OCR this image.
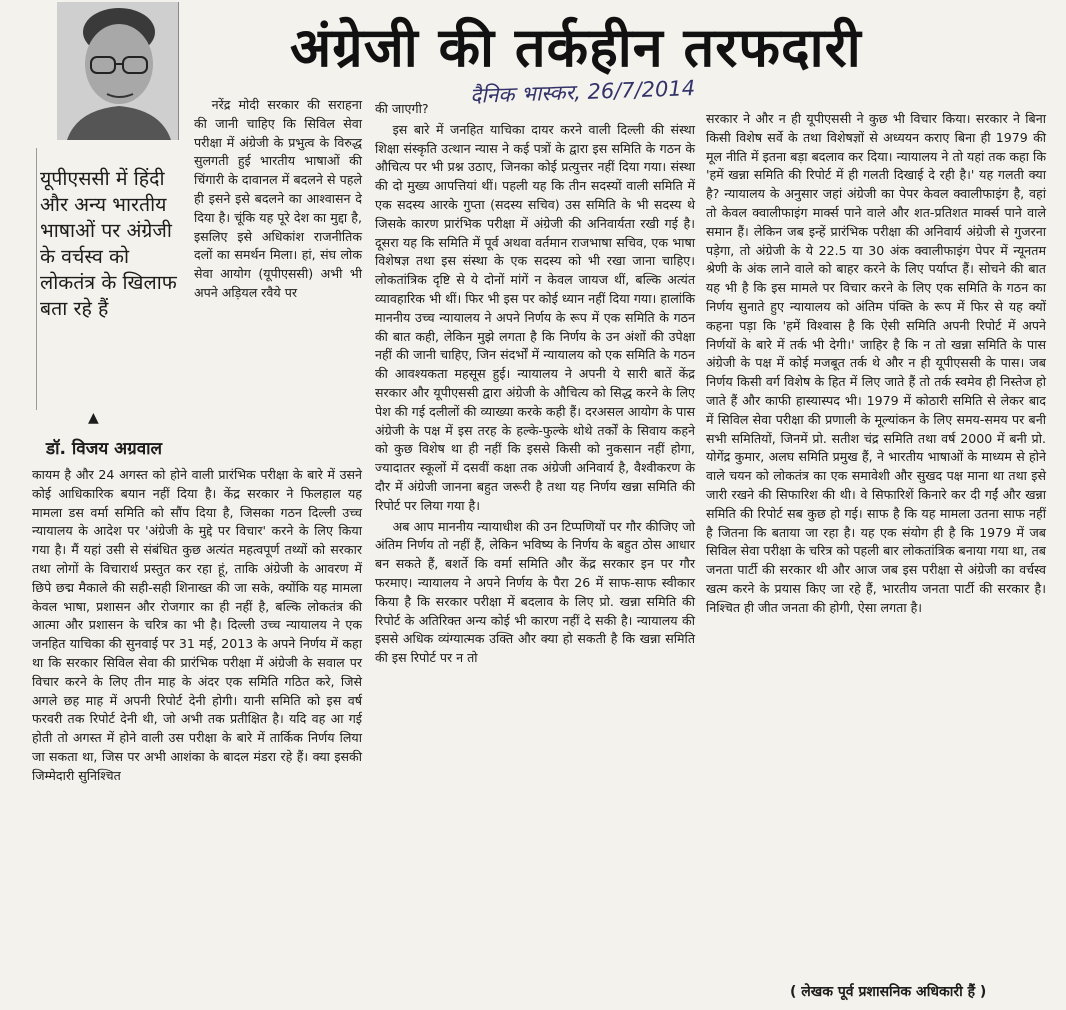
अंग्रेजी की तर्कहीन तरफदारी
दैनिक भास्कर, 26/7/2014
यूपीएससी में हिंदी और अन्य भारतीय भाषाओं पर अंग्रेजी के वर्चस्व को लोकतंत्र के खिलाफ बता रहे हैं
▲
डॉ. विजय अग्रवाल

नरेंद्र मोदी सरकार की सराहना की जानी चाहिए कि सिविल सेवा परीक्षा में अंग्रेजी के प्रभुत्व के विरुद्ध सुलगती हुई भारतीय भाषाओं की चिंगारी के दावानल में बदलने से पहले ही इसने इसे बदलने का आश्वासन दे दिया है। चूंकि यह पूरे देश का मुद्दा है, इसलिए इसे अधिकांश राजनीतिक दलों का समर्थन मिला। हां, संघ लोक सेवा आयोग (यूपीएससी) अभी भी अपने अड़ियल रवैये पर

कायम है और 24 अगस्त को होने वाली प्रारंभिक परीक्षा के बारे में उसने कोई आधिकारिक बयान नहीं दिया है। केंद्र सरकार ने फिलहाल यह मामला डस वर्मा समिति को सौंप दिया है, जिसका गठन दिल्ली उच्च न्यायालय के आदेश पर 'अंग्रेजी के मुद्दे पर विचार' करने के लिए किया गया है। मैं यहां उसी से संबंधित कुछ अत्यंत महत्वपूर्ण तथ्यों को सरकार तथा लोगों के विचारार्थ प्रस्तुत कर रहा हूं, ताकि अंग्रेजी के आवरण में छिपे छद्म मैकाले की सही-सही शिनाख्त की जा सके, क्योंकि यह मामला केवल भाषा, प्रशासन और रोजगार का ही नहीं है, बल्कि लोकतंत्र की आत्मा और प्रशासन के चरित्र का भी है। दिल्ली उच्च न्यायालय ने एक जनहित याचिका की सुनवाई पर 31 मई, 2013 के अपने निर्णय में कहा था कि सरकार सिविल सेवा की प्रारंभिक परीक्षा में अंग्रेजी के सवाल पर विचार करने के लिए तीन माह के अंदर एक समिति गठित करे, जिसे अगले छह माह में अपनी रिपोर्ट देनी होगी। यानी समिति को इस वर्ष फरवरी तक रिपोर्ट देनी थी, जो अभी तक प्रतीक्षित है। यदि वह आ गई होती तो अगस्त में होने वाली उस परीक्षा के बारे में तार्किक निर्णय लिया जा सकता था, जिस पर अभी आशंका के बादल मंडरा रहे हैं। क्या इसकी जिम्मेदारी सुनिश्चित

की जाएगी?

इस बारे में जनहित याचिका दायर करने वाली दिल्ली की संस्था शिक्षा संस्कृति उत्थान न्यास ने कई पत्रों के द्वारा इस समिति के गठन के औचित्य पर भी प्रश्न उठाए, जिनका कोई प्रत्युत्तर नहीं दिया गया। संस्था की दो मुख्य आपत्तियां थीं। पहली यह कि तीन सदस्यों वाली समिति में एक सदस्य आरके गुप्ता (सदस्य सचिव) उस समिति के भी सदस्य थे जिसके कारण प्रारंभिक परीक्षा में अंग्रेजी की अनिवार्यता रखी गई है। दूसरा यह कि समिति में पूर्व अथवा वर्तमान राजभाषा सचिव, एक भाषा विशेषज्ञ तथा इस संस्था के एक सदस्य को भी रखा जाना चाहिए। लोकतांत्रिक दृष्टि से ये दोनों मांगें न केवल जायज थीं, बल्कि अत्यंत व्यावहारिक भी थीं। फिर भी इस पर कोई ध्यान नहीं दिया गया। हालांकि माननीय उच्च न्यायालय ने अपने निर्णय के रूप में एक समिति के गठन की बात कही, लेकिन मुझे लगता है कि निर्णय के उन अंशों की उपेक्षा नहीं की जानी चाहिए, जिन संदर्भों में न्यायालय को एक समिति के गठन की आवश्यकता महसूस हुई। न्यायालय ने अपनी ये सारी बातें केंद्र सरकार और यूपीएससी द्वारा अंग्रेजी के औचित्य को सिद्ध करने के लिए पेश की गई दलीलों की व्याख्या करके कही हैं। दरअसल आयोग के पास अंग्रेजी के पक्ष में इस तरह के हल्के-फुल्के थोथे तर्कों के सिवाय कहने को कुछ विशेष था ही नहीं कि इससे किसी को नुकसान नहीं होगा, ज्यादातर स्कूलों में दसवीं कक्षा तक अंग्रेजी अनिवार्य है, वैश्वीकरण के दौर में अंग्रेजी जानना बहुत जरूरी है तथा यह निर्णय खन्ना समिति की रिपोर्ट पर लिया गया है।

अब आप माननीय न्यायाधीश की उन टिप्पणियों पर गौर कीजिए जो अंतिम निर्णय तो नहीं हैं, लेकिन भविष्य के निर्णय के बहुत ठोस आधार बन सकते हैं, बशर्ते कि वर्मा समिति और केंद्र सरकार इन पर गौर फरमाए। न्यायालय ने अपने निर्णय के पैरा 26 में साफ-साफ स्वीकार किया है कि सरकार परीक्षा में बदलाव के लिए प्रो. खन्ना समिति की रिपोर्ट के अतिरिक्त अन्य कोई भी कारण नहीं दे सकी है। न्यायालय की इससे अधिक व्यंग्यात्मक उक्ति और क्या हो सकती है कि खन्ना समिति की इस रिपोर्ट पर न तो

सरकार ने और न ही यूपीएससी ने कुछ भी विचार किया। सरकार ने बिना किसी विशेष सर्वे के तथा विशेषज्ञों से अध्ययन कराए बिना ही 1979 की मूल नीति में इतना बड़ा बदलाव कर दिया। न्यायालय ने तो यहां तक कहा कि 'हमें खन्ना समिति की रिपोर्ट में ही गलती दिखाई दे रही है।' यह गलती क्या है? न्यायालय के अनुसार जहां अंग्रेजी का पेपर केवल क्वालीफाइंग है, वहां तो केवल क्वालीफाइंग मार्क्स पाने वाले और शत-प्रतिशत मार्क्स पाने वाले समान हैं। लेकिन जब इन्हें प्रारंभिक परीक्षा की अनिवार्य अंग्रेजी से गुजरना पड़ेगा, तो अंग्रेजी के ये 22.5 या 30 अंक क्वालीफाइंग पेपर में न्यूनतम श्रेणी के अंक लाने वाले को बाहर करने के लिए पर्याप्त हैं। सोचने की बात यह भी है कि इस मामले पर विचार करने के लिए एक समिति के गठन का निर्णय सुनाते हुए न्यायालय को अंतिम पंक्ति के रूप में फिर से यह क्यों कहना पड़ा कि 'हमें विश्वास है कि ऐसी समिति अपनी रिपोर्ट में अपने निर्णयों के बारे में तर्क भी देगी।' जाहिर है कि न तो खन्ना समिति के पास अंग्रेजी के पक्ष में कोई मजबूत तर्क थे और न ही यूपीएससी के पास। जब निर्णय किसी वर्ग विशेष के हित में लिए जाते हैं तो तर्क स्वमेव ही निस्तेज हो जाते हैं और काफी हास्यास्पद भी। 1979 में कोठारी समिति से लेकर बाद में सिविल सेवा परीक्षा की प्रणाली के मूल्यांकन के लिए समय-समय पर बनी सभी समितियों, जिनमें प्रो. सतीश चंद्र समिति तथा वर्ष 2000 में बनी प्रो. योगेंद्र कुमार, अलघ समिति प्रमुख हैं, ने भारतीय भाषाओं के माध्यम से होने वाले चयन को लोकतंत्र का एक समावेशी और सुखद पक्ष माना था तथा इसे जारी रखने की सिफारिश की थी। वे सिफारिशें किनारे कर दी गईं और खन्ना समिति की रिपोर्ट सब कुछ हो गई। साफ है कि यह मामला उतना साफ नहीं है जितना कि बताया जा रहा है। यह एक संयोग ही है कि 1979 में जब सिविल सेवा परीक्षा के चरित्र को पहली बार लोकतांत्रिक बनाया गया था, तब जनता पार्टी की सरकार थी और आज जब इस परीक्षा से अंग्रेजी का वर्चस्व खत्म करने के प्रयास किए जा रहे हैं, भारतीय जनता पार्टी की सरकार है। निश्चित ही जीत जनता की होगी, ऐसा लगता है।

( लेखक पूर्व प्रशासनिक अधिकारी हैं )
